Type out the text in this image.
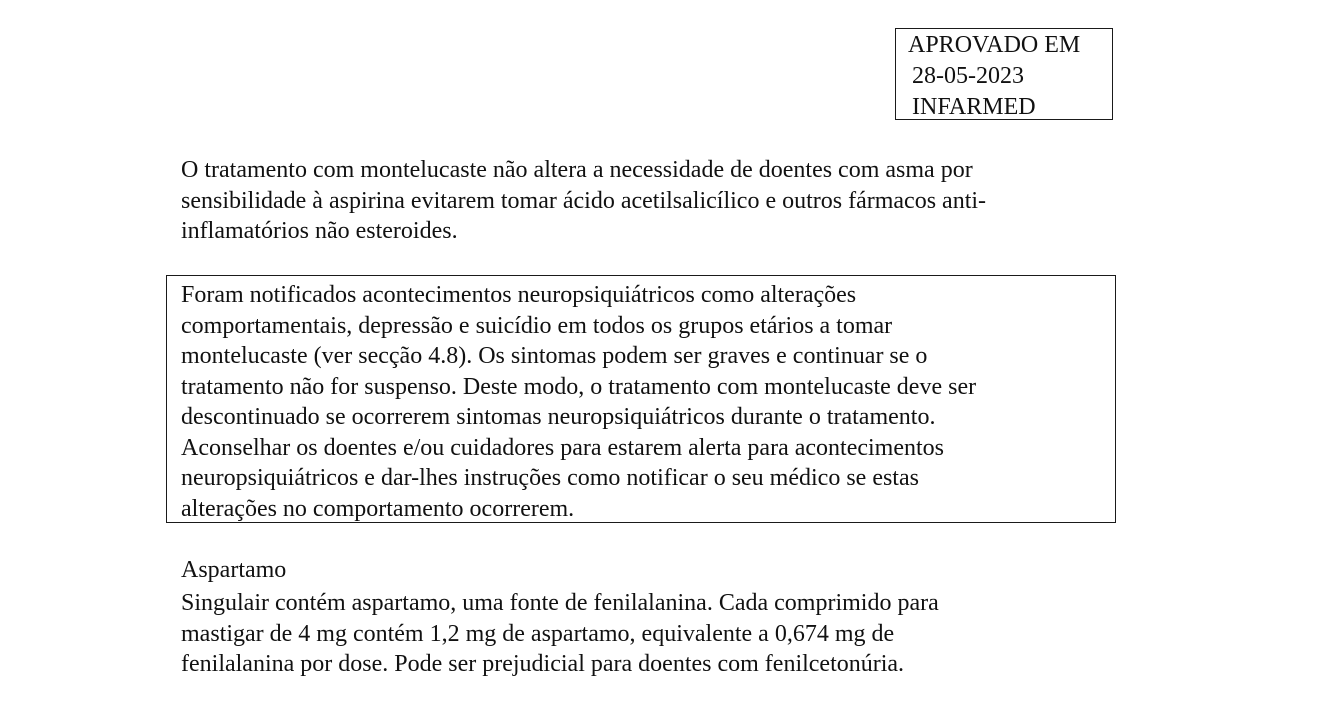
APROVADO EM
28-05-2023
INFARMED
O tratamento com montelucaste não altera a necessidade de doentes com asma por
sensibilidade à aspirina evitarem tomar ácido acetilsalicílico e outros fármacos anti-
inflamatórios não esteroides.
Foram notificados acontecimentos neuropsiquiátricos como alterações
comportamentais, depressão e suicídio em todos os grupos etários a tomar
montelucaste (ver secção 4.8). Os sintomas podem ser graves e continuar se o
tratamento não for suspenso. Deste modo, o tratamento com montelucaste deve ser
descontinuado se ocorrerem sintomas neuropsiquiátricos durante o tratamento.
Aconselhar os doentes e/ou cuidadores para estarem alerta para acontecimentos
neuropsiquiátricos e dar-lhes instruções como notificar o seu médico se estas
alterações no comportamento ocorrerem.
Aspartamo
Singulair contém aspartamo, uma fonte de fenilalanina. Cada comprimido para
mastigar de 4 mg contém 1,2 mg de aspartamo, equivalente a 0,674 mg de
fenilalanina por dose. Pode ser prejudicial para doentes com fenilcetonúria.
